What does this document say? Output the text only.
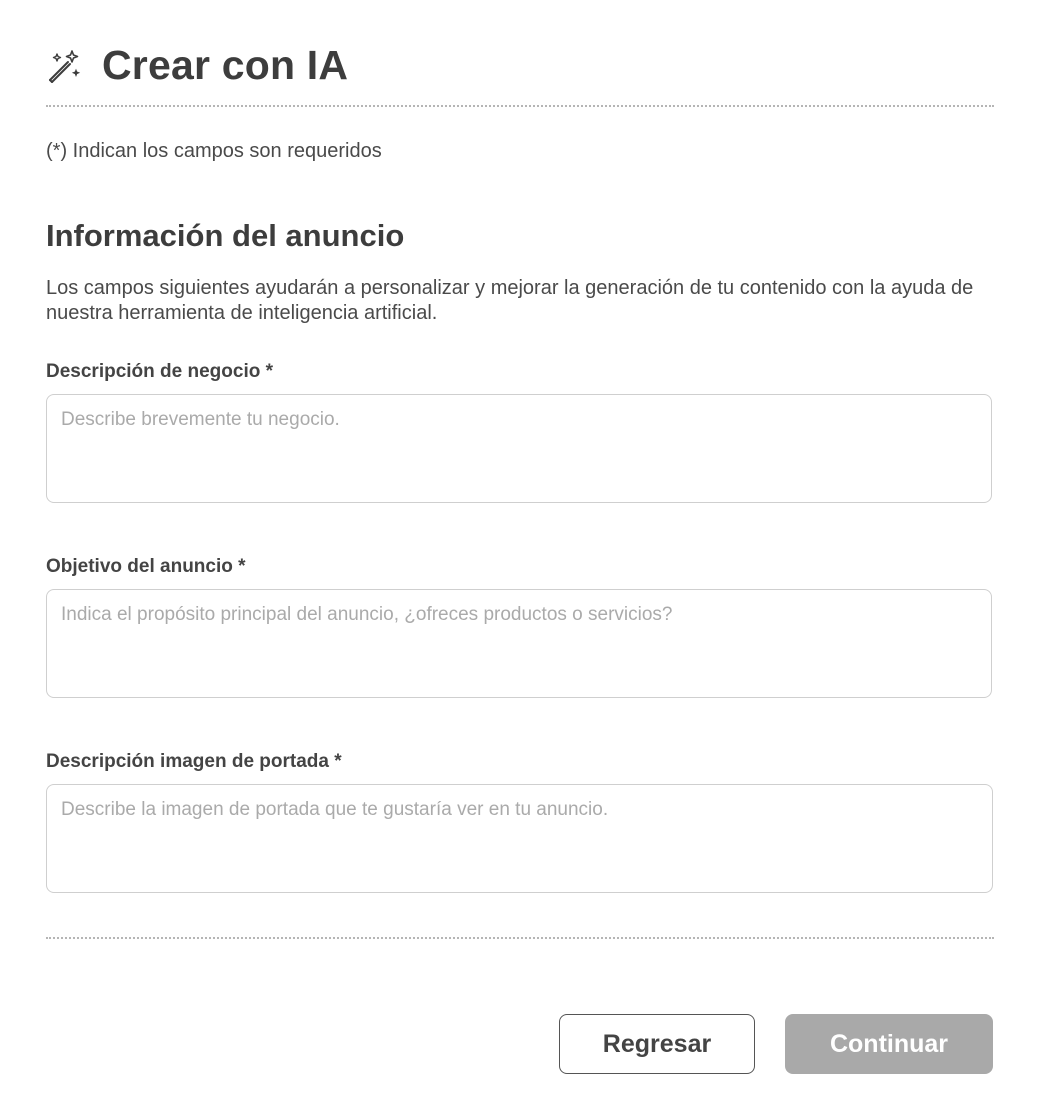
Crear con IA

(*) Indican los campos son requeridos

Información del anuncio

Los campos siguientes ayudarán a personalizar y mejorar la generación de tu contenido con la ayuda de nuestra herramienta de inteligencia artificial.

Descripción de negocio *
Describe brevemente tu negocio.
Objetivo del anuncio *
Indica el propósito principal del anuncio, ¿ofreces productos o servicios?
Descripción imagen de portada *
Describe la imagen de portada que te gustaría ver en tu anuncio.
Regresar	Continuar
